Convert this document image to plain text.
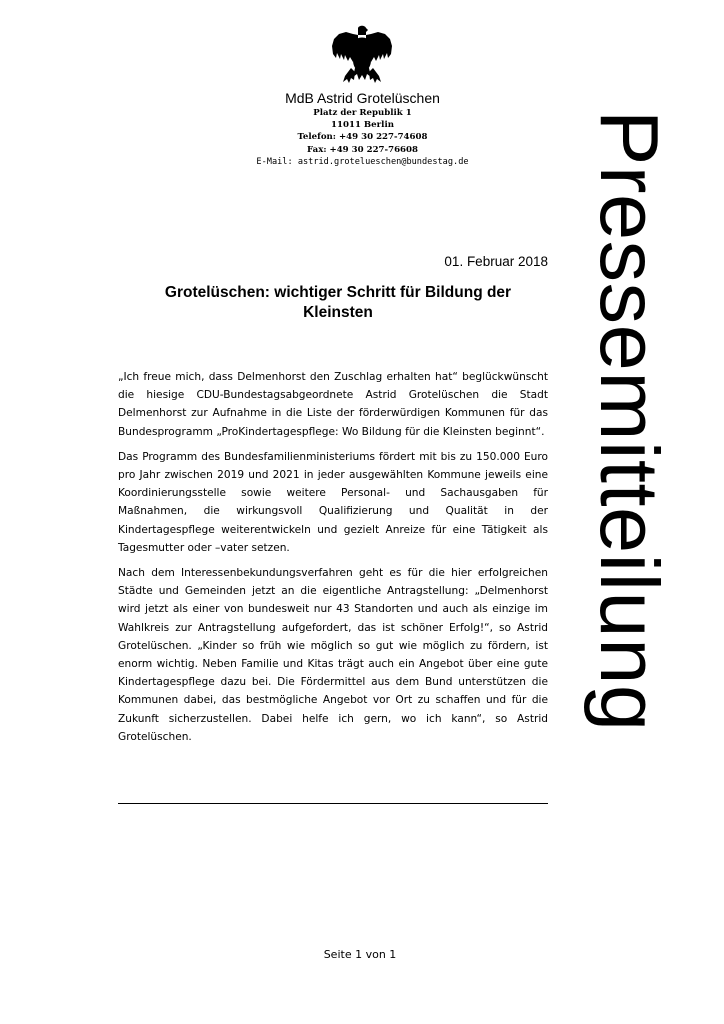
MdB Astrid Grotelüschen
Platz der Republik 1
11011 Berlin
Telefon: +49 30 227-74608
Fax: +49 30 227-76608
E-Mail: astrid.grotelueschen@bundestag.de	Pressemitteilung
01. Februar 2018
Grotelüschen: wichtiger Schritt für Bildung der Kleinsten

„Ich freue mich, dass Delmenhorst den Zuschlag erhalten hat“ beglückwünscht die hiesige CDU-Bundestagsabgeordnete Astrid Grotelüschen die Stadt Delmenhorst zur Aufnahme in die Liste der förderwürdigen Kommunen für das Bundesprogramm „ProKindertagespflege: Wo Bildung für die Kleinsten beginnt“.

Das Programm des Bundesfamilienministeriums fördert mit bis zu 150.000 Euro pro Jahr zwischen 2019 und 2021 in jeder ausgewählten Kommune jeweils eine Koordinierungsstelle sowie weitere Personal- und Sachausgaben für Maßnahmen, die wirkungsvoll Qualifizierung und Qualität in der Kindertagespflege weiterentwickeln und gezielt Anreize für eine Tätigkeit als Tagesmutter oder –vater setzen.

Nach dem Interessenbekundungsverfahren geht es für die hier erfolgreichen Städte und Gemeinden jetzt an die eigentliche Antragstellung: „Delmenhorst wird jetzt als einer von bundesweit nur 43 Standorten und auch als einzige im Wahlkreis zur Antragstellung aufgefordert, das ist schöner Erfolg!“, so Astrid Grotelüschen. „Kinder so früh wie möglich so gut wie möglich zu fördern, ist enorm wichtig. Neben Familie und Kitas trägt auch ein Angebot über eine gute Kindertagespflege dazu bei. Die Fördermittel aus dem Bund unterstützen die Kommunen dabei, das bestmögliche Angebot vor Ort zu schaffen und für die Zukunft sicherzustellen. Dabei helfe ich gern, wo ich kann“, so Astrid Grotelüschen.

Seite 1 von 1
